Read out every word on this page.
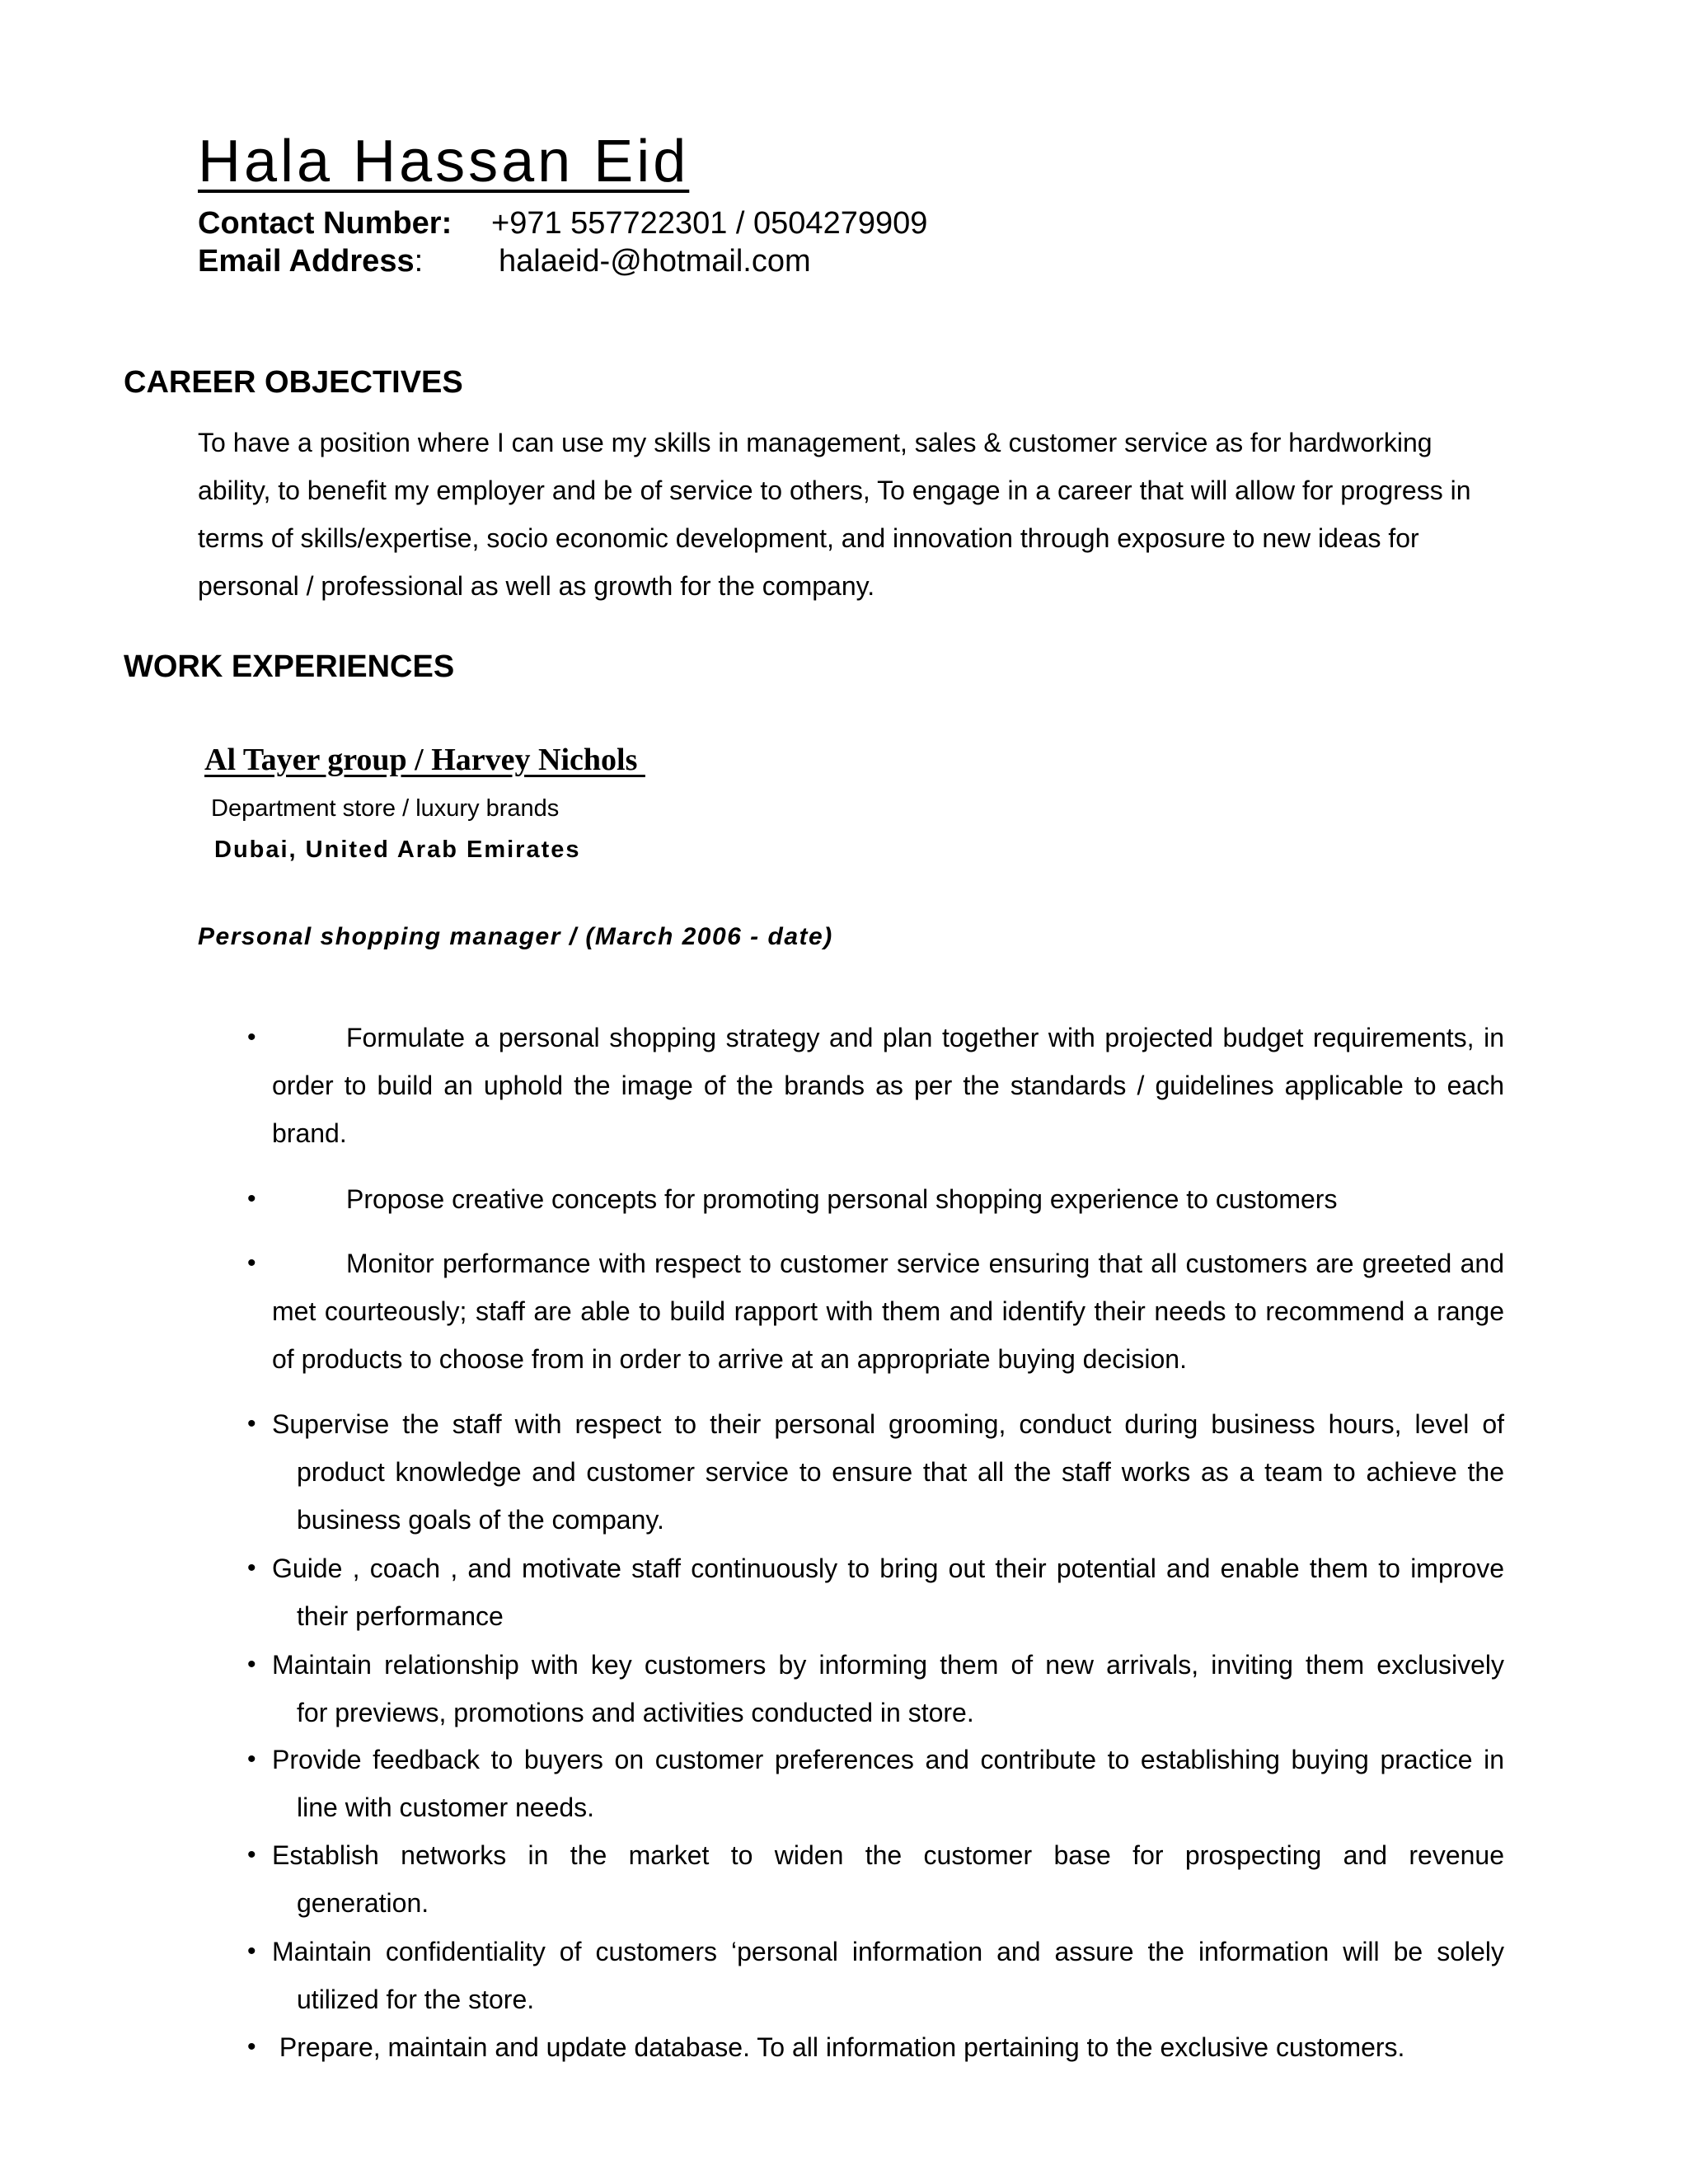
Hala Hassan Eid
Contact Number: +971 557722301 / 0504279909
Email Address: halaeid-@hotmail.com
CAREER OBJECTIVES

To have a position where I can use my skills in management, sales & customer service as for hardworking ability, to benefit my employer and be of service to others, To engage in a career that will allow for progress in terms of skills/expertise, socio economic development, and innovation through exposure to new ideas for personal / professional as well as growth for the company.

WORK EXPERIENCES
Al Tayer group / Harvey Nichols
Department store / luxury brands
Dubai, United Arab Emirates
Personal shopping manager / (March 2006 - date)

•	Formulate a personal shopping strategy and plan together with projected budget requirements, in order to build an uphold the image of the brands as per the standards / guidelines applicable to each brand.

•	Propose creative concepts for promoting personal shopping experience to customers

•	Monitor performance with respect to customer service ensuring that all customers are greeted and met courteously; staff are able to build rapport with them and identify their needs to recommend a range of products to choose from in order to arrive at an appropriate buying decision.

• Supervise the staff with respect to their personal grooming, conduct during business hours, level of
product knowledge and customer service to ensure that all the staff works as a team to achieve the business goals of the company.

• Guide , coach , and motivate staff continuously to bring out their potential and enable them to improve
their performance

• Maintain relationship with key customers by informing them of new arrivals, inviting them exclusively
for previews, promotions and activities conducted in store.

• Provide feedback to buyers on customer preferences and contribute to establishing buying practice in
line with customer needs.

• Establish networks in the market to widen the customer base for prospecting and revenue
generation.

• Maintain confidentiality of customers ‘personal information and assure the information will be solely
utilized for the store.

• Prepare, maintain and update database. To all information pertaining to the exclusive customers.
